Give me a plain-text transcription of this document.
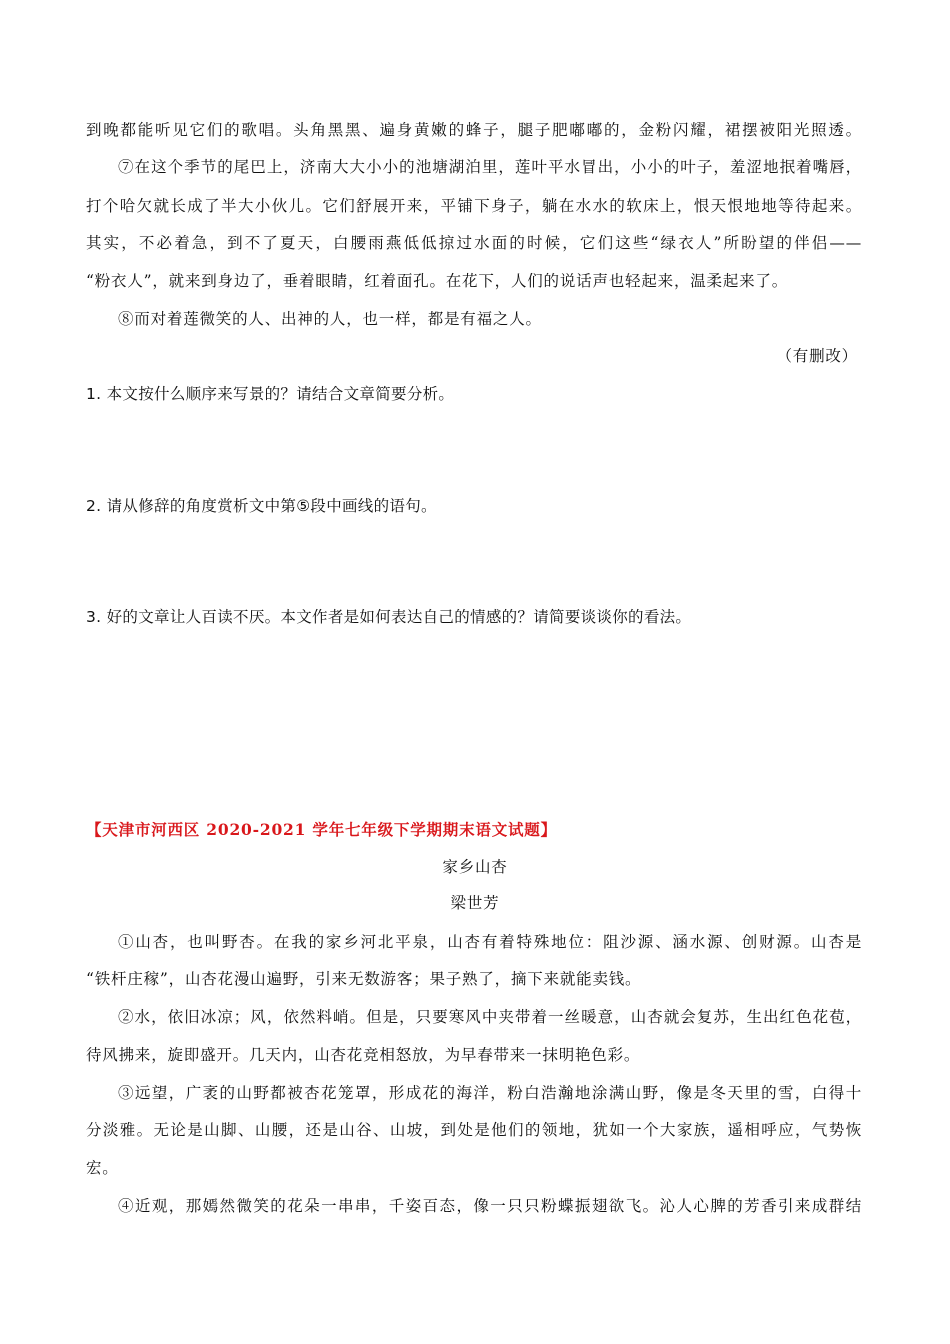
到晚都能听见它们的歌唱。头角黑黑、遍身黄嫩的蜂子，腿子肥嘟嘟的，金粉闪耀，裙摆被阳光照透。
⑦在这个季节的尾巴上，济南大大小小的池塘湖泊里，莲叶平水冒出，小小的叶子，羞涩地抿着嘴唇，
打个哈欠就长成了半大小伙儿。它们舒展开来，平铺下身子，躺在水水的软床上，恨天恨地地等待起来。
其实，不必着急，到不了夏天，白腰雨燕低低掠过水面的时候，它们这些“绿衣人”所盼望的伴侣——
“粉衣人”，就来到身边了，垂着眼睛，红着面孔。在花下，人们的说话声也轻起来，温柔起来了。
⑧而对着莲微笑的人、出神的人，也一样，都是有福之人。
（有删改）
1. 本文按什么顺序来写景的？请结合文章简要分析。
2. 请从修辞的角度赏析文中第⑤段中画线的语句。
3. 好的文章让人百读不厌。本文作者是如何表达自己的情感的？请简要谈谈你的看法。
【天津市河西区 2020-2021 学年七年级下学期期末语文试题】
家乡山杏
梁世芳
①山杏，也叫野杏。在我的家乡河北平泉，山杏有着特殊地位：阻沙源、涵水源、创财源。山杏是
“铁杆庄稼”，山杏花漫山遍野，引来无数游客；果子熟了，摘下来就能卖钱。
②水，依旧冰凉；风，依然料峭。但是，只要寒风中夹带着一丝暖意，山杏就会复苏，生出红色花苞，
待风拂来，旋即盛开。几天内，山杏花竞相怒放，为早春带来一抹明艳色彩。
③远望，广袤的山野都被杏花笼罩，形成花的海洋，粉白浩瀚地涂满山野，像是冬天里的雪，白得十
分淡雅。无论是山脚、山腰，还是山谷、山坡，到处是他们的领地，犹如一个大家族，遥相呼应，气势恢
宏。
④近观，那嫣然微笑的花朵一串串，千姿百态，像一只只粉蝶振翅欲飞。沁人心脾的芳香引来成群结
